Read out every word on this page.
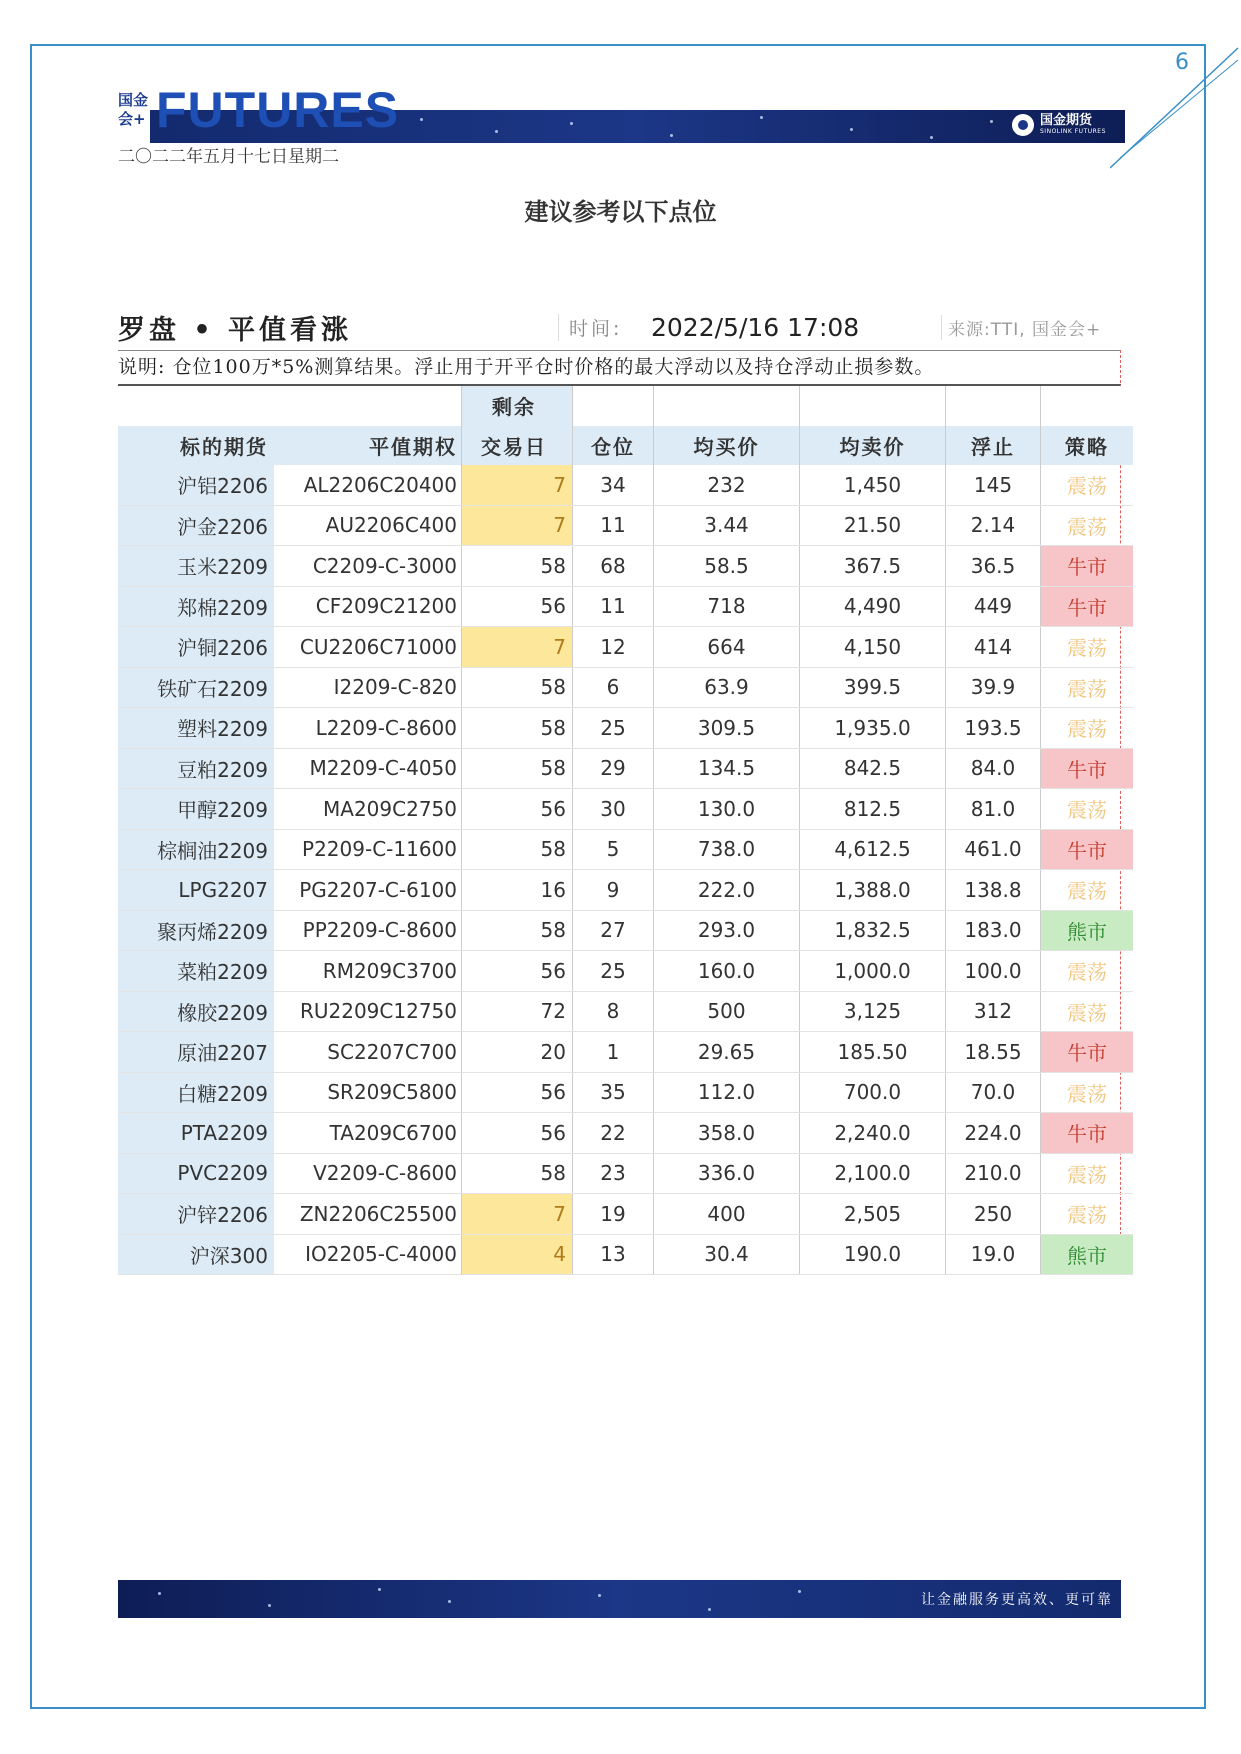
6
国金会+ FUTURES	国金期货
SINOLINK FUTURES
二〇二二年五月十七日星期二
建议参考以下点位
罗盘 • 平值看涨	时间:	2022/5/16 17:08	来源:TTI, 国金会+
说明: 仓位100万*5%测算结果。浮止用于开平仓时价格的最大浮动以及持仓浮动止损参数。
		剩余					
标的期货	平值期权	交易日	仓位	均买价	均卖价	浮止	策略
沪铝2206	AL2206C20400	7	34	232	1,450	145	震荡
沪金2206	AU2206C400	7	11	3.44	21.50	2.14	震荡
玉米2209	C2209-C-3000	58	68	58.5	367.5	36.5	牛市
郑棉2209	CF209C21200	56	11	718	4,490	449	牛市
沪铜2206	CU2206C71000	7	12	664	4,150	414	震荡
铁矿石2209	I2209-C-820	58	6	63.9	399.5	39.9	震荡
塑料2209	L2209-C-8600	58	25	309.5	1,935.0	193.5	震荡
豆粕2209	M2209-C-4050	58	29	134.5	842.5	84.0	牛市
甲醇2209	MA209C2750	56	30	130.0	812.5	81.0	震荡
棕榈油2209	P2209-C-11600	58	5	738.0	4,612.5	461.0	牛市
LPG2207	PG2207-C-6100	16	9	222.0	1,388.0	138.8	震荡
聚丙烯2209	PP2209-C-8600	58	27	293.0	1,832.5	183.0	熊市
菜粕2209	RM209C3700	56	25	160.0	1,000.0	100.0	震荡
橡胶2209	RU2209C12750	72	8	500	3,125	312	震荡
原油2207	SC2207C700	20	1	29.65	185.50	18.55	牛市
白糖2209	SR209C5800	56	35	112.0	700.0	70.0	震荡
PTA2209	TA209C6700	56	22	358.0	2,240.0	224.0	牛市
PVC2209	V2209-C-8600	58	23	336.0	2,100.0	210.0	震荡
沪锌2206	ZN2206C25500	7	19	400	2,505	250	震荡
沪深300	IO2205-C-4000	4	13	30.4	190.0	19.0	熊市
让金融服务更高效、更可靠
